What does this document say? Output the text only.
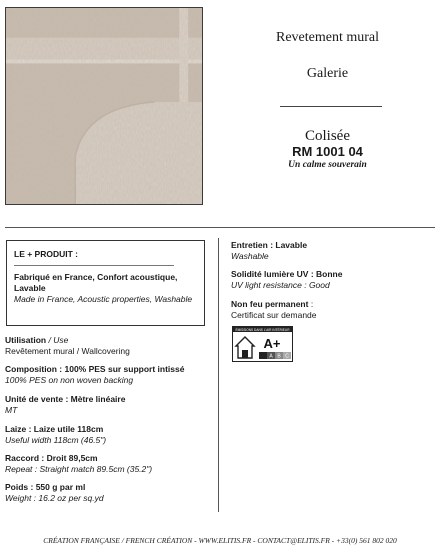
Revetement mural
Galerie
Colisée
RM 1001 04
Un calme souverain
LE + PRODUIT :
Fabriqué en France, Confort acoustique, Lavable
Made in France, Acoustic properties, Washable
Utilisation / Use
Revêtement mural / Wallcovering
Composition : 100% PES sur support intissé
100% PES on non woven backing
Unité de vente : Mètre linéaire
MT
Laize : Laize utile 118cm
Useful width 118cm (46.5")
Raccord : Droit 89,5cm
Repeat : Straight match 89.5cm (35.2")
Poids : 550 g par ml
Weight : 16.2 oz per sq.yd
Entretien : Lavable
Washable
Solidité lumière UV : Bonne
UV light resistance : Good
Non feu permanent :
Certificat sur demande
ÉMISSIONS DANS L'AIR INTÉRIEUR
A+
A B C
CRÉATION FRANÇAISE / FRENCH CRÉATION - WWW.ELITIS.FR - CONTACT@ELITIS.FR - +33(0) 561 802 020
